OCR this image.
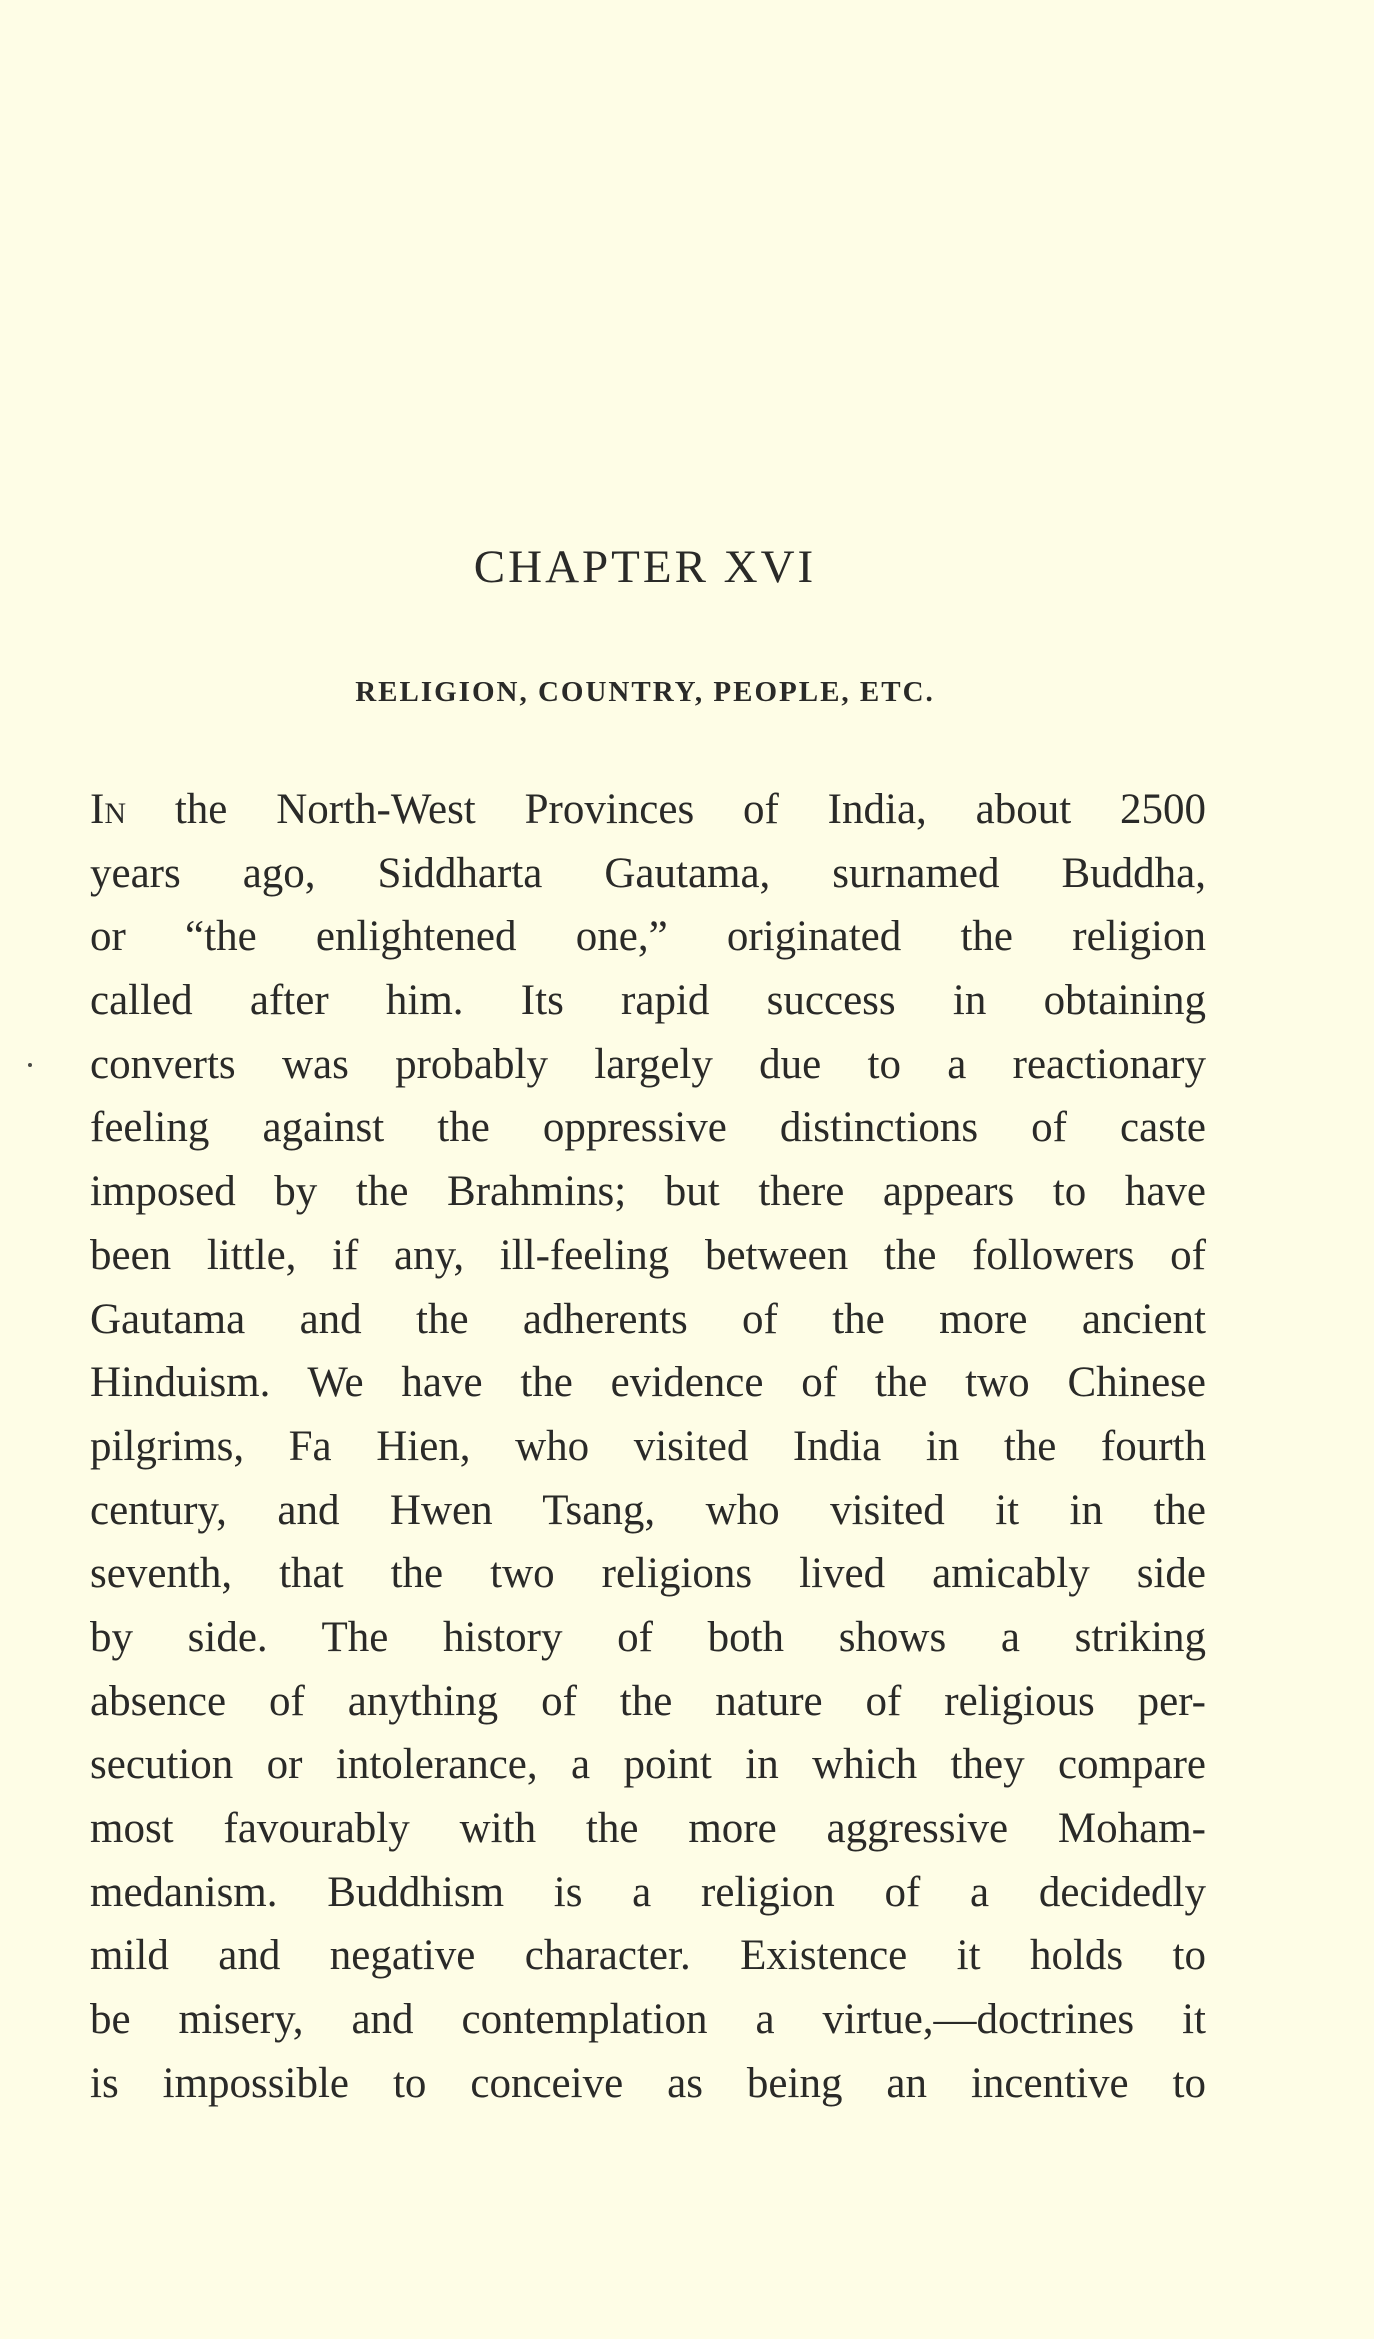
CHAPTER XVI
RELIGION, COUNTRY, PEOPLE, ETC.
In the North-West Provinces of India, about 2500
years ago, Siddharta Gautama, surnamed Buddha,
or “the enlightened one,” originated the religion
called after him. Its rapid success in obtaining
converts was probably largely due to a reactionary
feeling against the oppressive distinctions of caste
imposed by the Brahmins; but there appears to have
been little, if any, ill-feeling between the followers of
Gautama and the adherents of the more ancient
Hinduism. We have the evidence of the two Chinese
pilgrims, Fa Hien, who visited India in the fourth
century, and Hwen Tsang, who visited it in the
seventh, that the two religions lived amicably side
by side. The history of both shows a striking
absence of anything of the nature of religious per-
secution or intolerance, a point in which they compare
most favourably with the more aggressive Moham-
medanism. Buddhism is a religion of a decidedly
mild and negative character. Existence it holds to
be misery, and contemplation a virtue,—doctrines it
is impossible to conceive as being an incentive to
